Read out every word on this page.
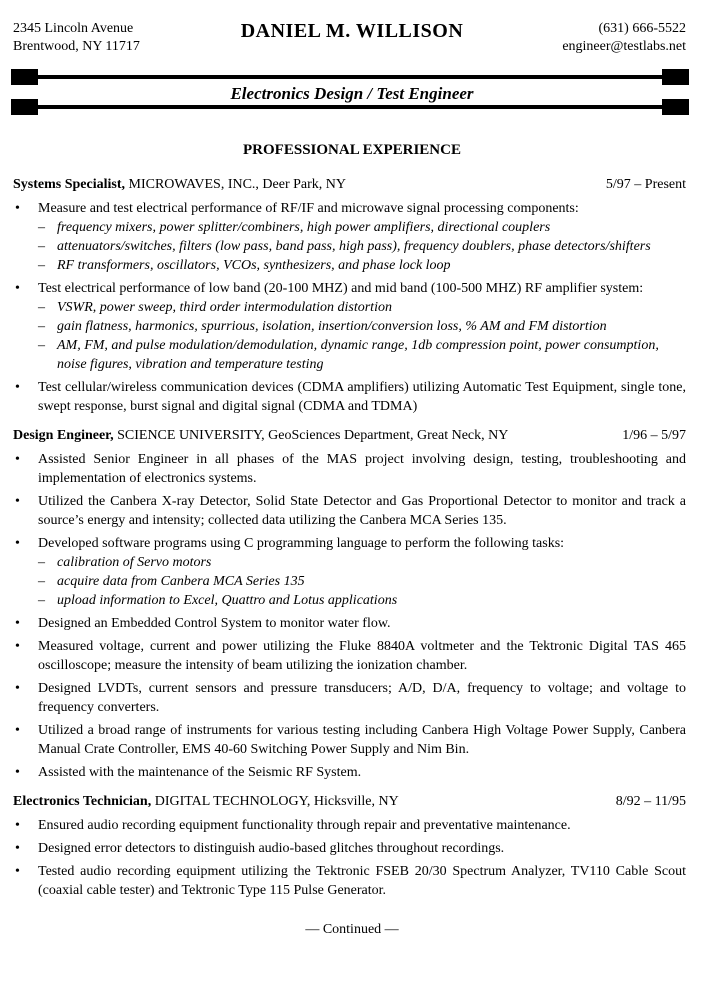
2345 Lincoln Avenue
Brentwood, NY 11717
DANIEL M. WILLISON	(631) 666-5522
engineer@testlabs.net
Electronics Design / Test Engineer
PROFESSIONAL EXPERIENCE
Systems Specialist, MICROWAVES, INC., Deer Park, NY	5/97 – Present
• Measure and test electrical performance of RF/IF and microwave signal processing components:
– frequency mixers, power splitter/combiners, high power amplifiers, directional couplers
– attenuators/switches, filters (low pass, band pass, high pass), frequency doublers, phase detectors/shifters
– RF transformers, oscillators, VCOs, synthesizers, and phase lock loop
• Test electrical performance of low band (20-100 MHZ) and mid band (100-500 MHZ) RF amplifier system:
– VSWR, power sweep, third order intermodulation distortion
– gain flatness, harmonics, spurrious, isolation, insertion/conversion loss, % AM and FM distortion
– AM, FM, and pulse modulation/demodulation, dynamic range, 1db compression point, power consumption, noise figures, vibration and temperature testing
• Test cellular/wireless communication devices (CDMA amplifiers) utilizing Automatic Test Equipment, single tone, swept response, burst signal and digital signal (CDMA and TDMA)
Design Engineer, SCIENCE UNIVERSITY, GeoSciences Department, Great Neck, NY	1/96 – 5/97
• Assisted Senior Engineer in all phases of the MAS project involving design, testing, troubleshooting and implementation of electronics systems.
• Utilized the Canbera X-ray Detector, Solid State Detector and Gas Proportional Detector to monitor and track a source’s energy and intensity; collected data utilizing the Canbera MCA Series 135.
• Developed software programs using C programming language to perform the following tasks:
– calibration of Servo motors
– acquire data from Canbera MCA Series 135
– upload information to Excel, Quattro and Lotus applications
• Designed an Embedded Control System to monitor water flow.
• Measured voltage, current and power utilizing the Fluke 8840A voltmeter and the Tektronic Digital TAS 465 oscilloscope; measure the intensity of beam utilizing the ionization chamber.
• Designed LVDTs, current sensors and pressure transducers; A/D, D/A, frequency to voltage; and voltage to frequency converters.
• Utilized a broad range of instruments for various testing including Canbera High Voltage Power Supply, Canbera Manual Crate Controller, EMS 40-60 Switching Power Supply and Nim Bin.
• Assisted with the maintenance of the Seismic RF System.
Electronics Technician, DIGITAL TECHNOLOGY, Hicksville, NY	8/92 – 11/95
• Ensured audio recording equipment functionality through repair and preventative maintenance.
• Designed error detectors to distinguish audio-based glitches throughout recordings.
• Tested audio recording equipment utilizing the Tektronic FSEB 20/30 Spectrum Analyzer, TV110 Cable Scout (coaxial cable tester) and Tektronic Type 115 Pulse Generator.
— Continued —
